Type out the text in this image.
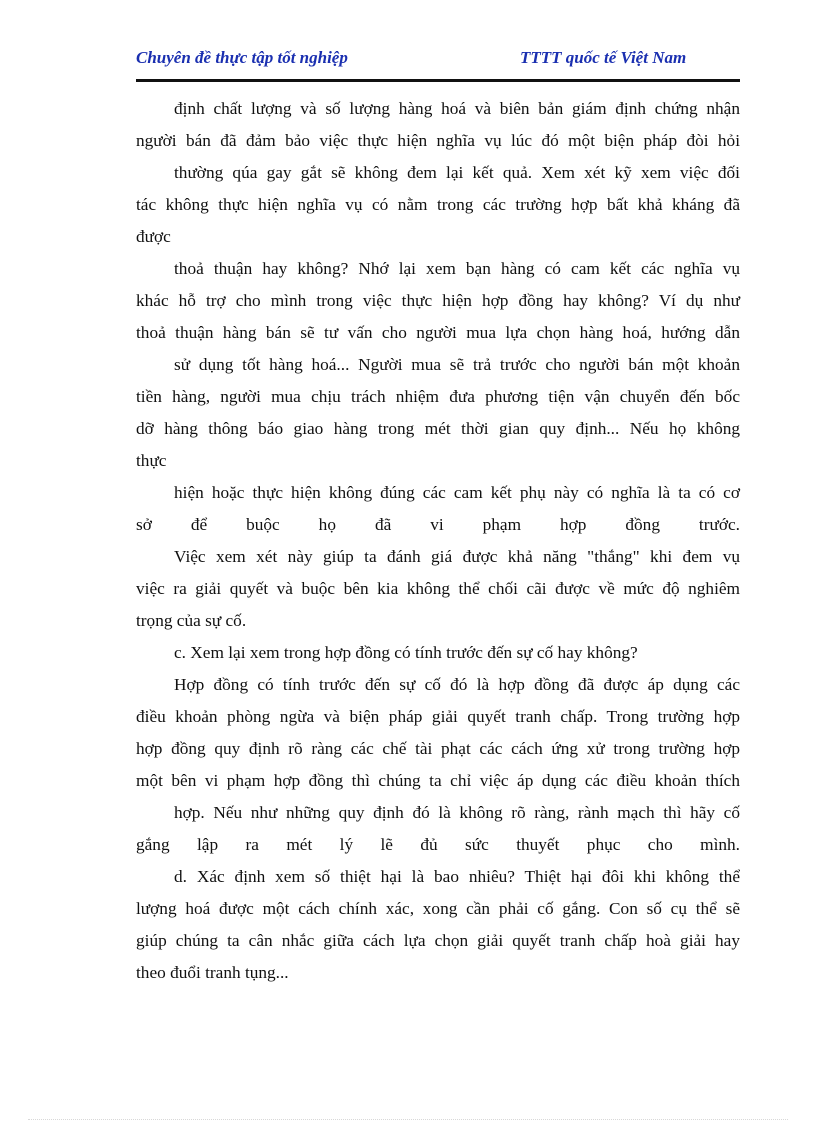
Chuyên đề thực tập tốt nghiệp	TTTT quốc tế Việt Nam
định chất lượng và số lượng hàng hoá và biên bản giám định chứng nhận
người bán đã đảm bảo việc thực hiện nghĩa vụ lúc đó một biện pháp đòi hỏi
thường qúa gay gắt sẽ không đem lại kết quả. Xem xét kỹ xem việc đối
tác không thực hiện nghĩa vụ có nằm trong các trường hợp bất khả kháng đã
được
thoả thuận hay không? Nhớ lại xem bạn hàng có cam kết các nghĩa vụ
khác hỗ trợ cho mình trong việc thực hiện hợp đồng hay không? Ví dụ như
thoả thuận hàng bán sẽ tư vấn cho người mua lựa chọn hàng hoá, hướng dẫn
sử dụng tốt hàng hoá... Người mua sẽ trả trước cho người bán một khoản
tiền hàng, người mua chịu trách nhiệm đưa phương tiện vận chuyển đến bốc
dỡ hàng thông báo giao hàng trong mét thời gian quy định... Nếu họ không
thực
hiện hoặc thực hiện không đúng các cam kết phụ này có nghĩa là ta có cơ
sở để buộc họ đã vi phạm hợp đồng trước.
Việc xem xét này giúp ta đánh giá được khả năng "thắng" khi đem vụ
việc ra giải quyết và buộc bên kia không thể chối cãi được về mức độ nghiêm
trọng của sự cố.
c. Xem lại xem trong hợp đồng có tính trước đến sự cố hay không?
Hợp đồng có tính trước đến sự cố đó là hợp đồng đã được áp dụng các
điều khoản phòng ngừa và biện pháp giải quyết tranh chấp. Trong trường hợp
hợp đồng quy định rõ ràng các chế tài phạt các cách ứng xử trong trường hợp
một bên vi phạm hợp đồng thì chúng ta chỉ việc áp dụng các điều khoản thích
hợp. Nếu như những quy định đó là không rõ ràng, rành mạch thì hãy cố
gắng lập ra mét lý lẽ đủ sức thuyết phục cho mình.
d. Xác định xem số thiệt hại là bao nhiêu? Thiệt hại đôi khi không thể
lượng hoá được một cách chính xác, xong cần phải cố gắng. Con số cụ thể sẽ
giúp chúng ta cân nhắc giữa cách lựa chọn giải quyết tranh chấp hoà giải hay
theo đuổi tranh tụng...
